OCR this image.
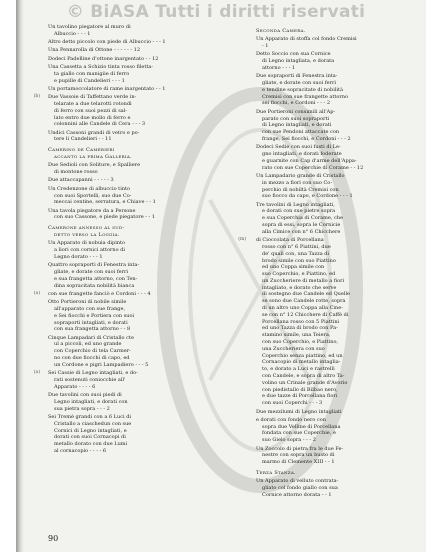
© BiASA Tutti i diritti riservati
Un tavolino piegatore al muro di
Albuccio - - - 1
Altro detto piccolo con piede di Albuccio - - - 1
Una Pennarolla di Ottone - - - - - - 12
Dodeci Padelline d'ottone inargentato - - 12
Una Cassetta a Schizio tinta rosso filetta-
ta giallo con manigiie di ferro
e pupille di Candelieri - - - 1
Un portamoccolatore di rame inargentato - - 1
(b) Due Vassoie di Taffettano verde in-
telarate a due telarotti rotondi
di ferro con suoi pezzi di sal-
lato entro due mollo di ferro e
colonnini alle Candele di Cera - - - 3
Undici Cassoni grandi di vetro e po-
tere li Candelieri - - 11
Camerino de Camerieri
accanto la prima Galleria.
Due Sedioli con Soliture, e Spalliere
di montone rosso
Due attaccapanni - - - - - 3
Un Credenzone di albuccio tinto
con suoi Sportelli, suo due Co-
meccai centine, serratura, e Chiave - - 1
Una tavola piegatore da a Persone
con suo Cassone, e piede piegatore - - 1
Camerone annesso al sud-
detto verso la Loggia.
Un Apparato di nobuia dipinto
a liori con cornici attorno di
Legno dorato - - - 1
Quattro sopraporti di Fenestra inta-
gliate, e dorate con suoi ferri
e sua frangetta attorno, con Ten-
dina sopracitata nobilità bianca
(a) con sue frangette fanciò e Cordoni - - - 4
Otto Portieroni di nobile simile
all'apparato con sue frange,
e Sei fiocchi e Portiera con suoi
sopraporti intagliati, e dorati
con sua frangetta attorno - - 8
Cinque Lampadari di Cristallo cte
ul a piccoli, ed uno grande
con Coperchio di tela Carmer-
no con due fiocchi di capo, ed
un Cordone e pigri Lampadiero - - - 5
(a) Sei Cassie di Legno intagliati, e do-
rati sostenuti coniocchie all'
Apparato - - - - 6
Due tavolini con suoi piedi di
Legno intagliati, e dorati con
sua pietra sopra - - - 2
Sei Tremè grandi con a 6 Luci di
Cristallo a ciaschedun con sue
Cornici di Legno intagliati, e
dorati con suoi Cornacopi di
metallo dorato con due Lumi
al cornacopio - - - - 6
Seconda Camera.
Un Apparato di stoffa col fondo Cremisi
- 1
Detto Soccio con sua Cornice
di Legno intagliata, e dorata
attorno - - - 1
Due sopraporti di Fenestra inta-
gliate, e dorate con suoi ferri
e tendine sopracitate di nobilità
Cremisi con sue frangette attorno
sei fiocchi, e Cordoni - - - 2
Due Portieroni consimili all'Ap-
parato con suoi sopraporti
di Legno intagliati, e dorati
con sue Pendoni attaccate con
frange, Sei fiocchi, e Cordoni - - - 2
Dodeci Sedie con suoi fusti di Le-
gno intagliati, e dorati foderate
e guarnite con Cap d'arme dell'Appa-
rato con sue Coperchie di Corame - - 12
Un Lampadario grande di Cristallo
in mezzo a fiori con suo Co-
perchio di nobiltà Cremisi con
suo fiocco da capo, e Cordone - - - 1
Tre tavolini di Legno intagliati,
e dorati con sue pietre sopra
e sua Coperchia di Corame, che
sopra di essi, sopra le Cornicie
alla Cimice con n° 6 Chicchere
(m) di Cioccolata di Porcellana
rosso con n° 6 Piattini, due
de' quali con, una Tazza di
brodo simile con suo Piattino
ed uno Coppa simile con
suo Coperchio, e Piattino, ed
un Zuccheriere di metallo a fiori
intagliato, e dorato che serve
di sostegno due Candele ed Quelle
se sono due Candele rotte, sopra
di un altro uno Coppa alla Cine-
se con n° 12 Chicchere di Caffè di
Porcellana rosso con 5 Piattini
ed uno Tazza di brodo con Pa-
stamino simile, una Teiera,
con suo Coperchio, e Piattino,
una Zuccheriera con suo
Coperchio senza piattino, ed un
Cornacopio di metallo intaglia-
to, e dorato a Luci e rastrelli
con Candele, e sopra di altro Ta-
volino un Crinale grande d'Avorio
con piedistallo di Bilbao nero,
e due tazze di Porcellana fiori
con suoi Coperchi - - - 3
Due mezzilumi di Legno intagliati
e dorati con fondo nero con
sopra due Velline di Porcellana
fondata con sue Coperchie, e
suo Gielo sopra - - - 2
Un Zoccolo di pietra fra le due Fe-
nestre con sopra un busto di
marmo di Clemente XIII - - 1
Terza Stanza.
Un Apparato di velluto contrata-
gliato col fondo giallo con sua
Cornice attorno dorata - - 1
90
